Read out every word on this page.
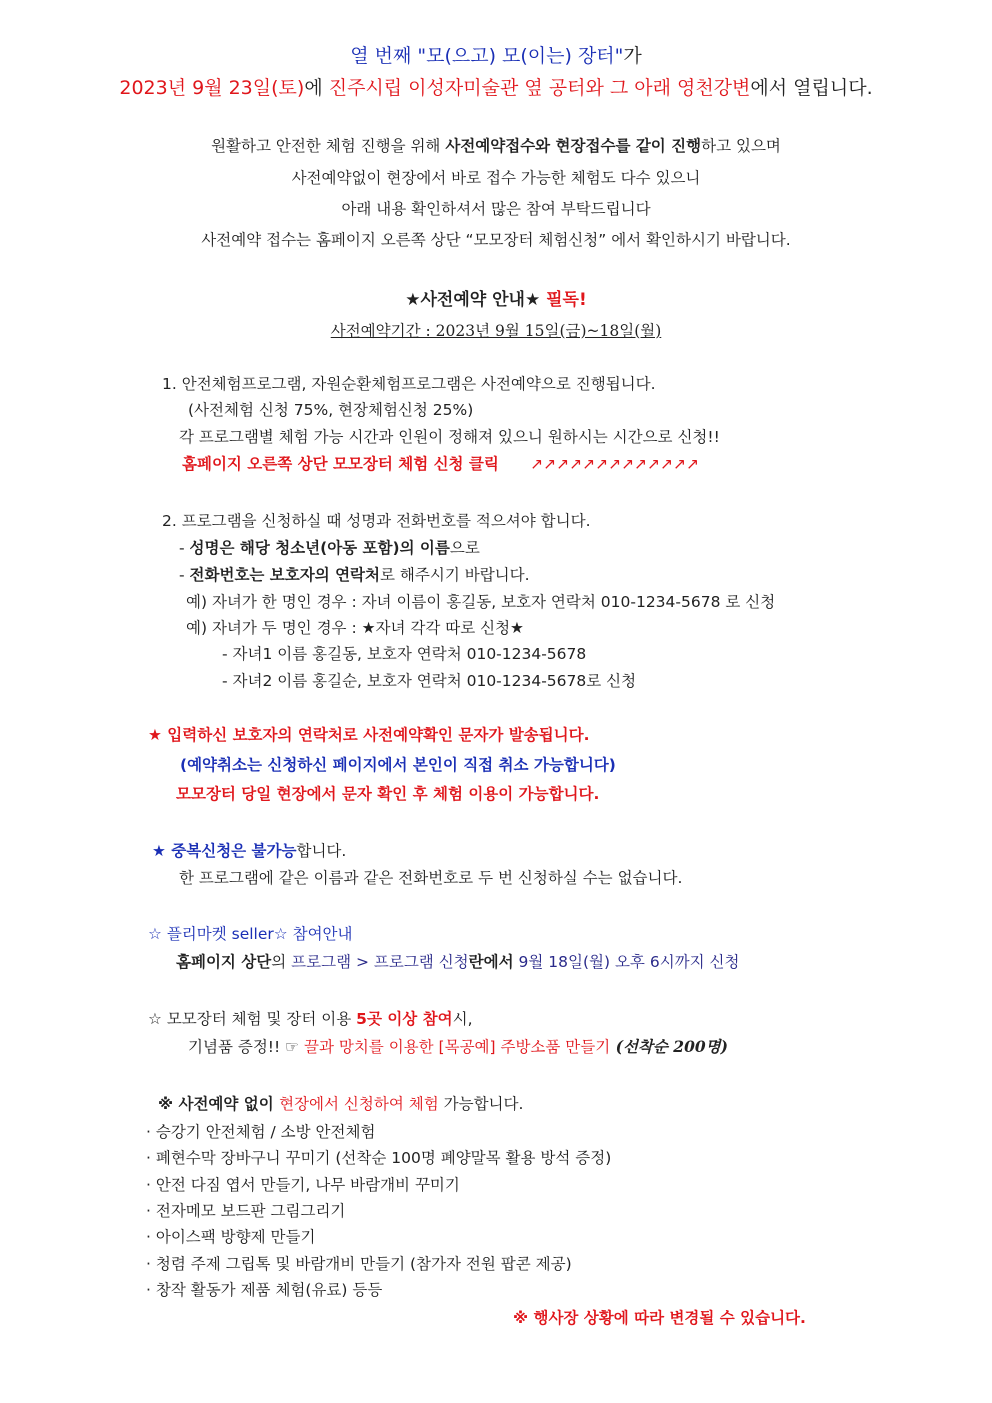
열 번째 "모(으고) 모(이는) 장터"가
2023년 9월 23일(토)에 진주시립 이성자미술관 옆 공터와 그 아래 영천강변에서 열립니다.
원활하고 안전한 체험 진행을 위해 사전예약접수와 현장접수를 같이 진행하고 있으며
사전예약없이 현장에서 바로 접수 가능한 체험도 다수 있으니
아래 내용 확인하셔서 많은 참여 부탁드립니다
사전예약 접수는 홈페이지 오른쪽 상단 “모모장터 체험신청” 에서 확인하시기 바랍니다.
★사전예약 안내★ 필독!
사전예약기간 : 2023년 9월 15일(금)~18일(월)
1. 안전체험프로그램, 자원순환체험프로그램은 사전예약으로 진행됩니다.
(사전체험 신청 75%, 현장체험신청 25%)
각 프로그램별 체험 가능 시간과 인원이 정해져 있으니 원하시는 시간으로 신청!!
홈페이지 오른쪽 상단 모모장터 체험 신청 클릭 ↗↗↗↗↗↗↗↗↗↗↗↗↗
2. 프로그램을 신청하실 때 성명과 전화번호를 적으셔야 합니다.
- 성명은 해당 청소년(아동 포함)의 이름으로
- 전화번호는 보호자의 연락처로 해주시기 바랍니다.
예) 자녀가 한 명인 경우 : 자녀 이름이 홍길동, 보호자 연락처 010-1234-5678 로 신청
예) 자녀가 두 명인 경우 : ★자녀 각각 따로 신청★
- 자녀1 이름 홍길동, 보호자 연락처 010-1234-5678
- 자녀2 이름 홍길순, 보호자 연락처 010-1234-5678로 신청
★ 입력하신 보호자의 연락처로 사전예약확인 문자가 발송됩니다.
(예약취소는 신청하신 페이지에서 본인이 직접 취소 가능합니다)
모모장터 당일 현장에서 문자 확인 후 체험 이용이 가능합니다.
★ 중복신청은 불가능합니다.
한 프로그램에 같은 이름과 같은 전화번호로 두 번 신청하실 수는 없습니다.
☆ 플리마켓 seller☆ 참여안내
홈페이지 상단의 프로그램 > 프로그램 신청란에서 9월 18일(월) 오후 6시까지 신청
☆ 모모장터 체험 및 장터 이용 5곳 이상 참여시,
기념품 증정!! ☞ 끌과 망치를 이용한 [목공예] 주방소품 만들기 (선착순 200명)
※ 사전예약 없이 현장에서 신청하여 체험 가능합니다.
· 승강기 안전체험 / 소방 안전체험
· 폐현수막 장바구니 꾸미기 (선착순 100명 폐양말목 활용 방석 증정)
· 안전 다짐 엽서 만들기, 나무 바람개비 꾸미기
· 전자메모 보드판 그림그리기
· 아이스팩 방향제 만들기
· 청렴 주제 그립톡 및 바람개비 만들기 (참가자 전원 팝콘 제공)
· 창작 활동가 제품 체험(유료) 등등
※ 행사장 상황에 따라 변경될 수 있습니다.
